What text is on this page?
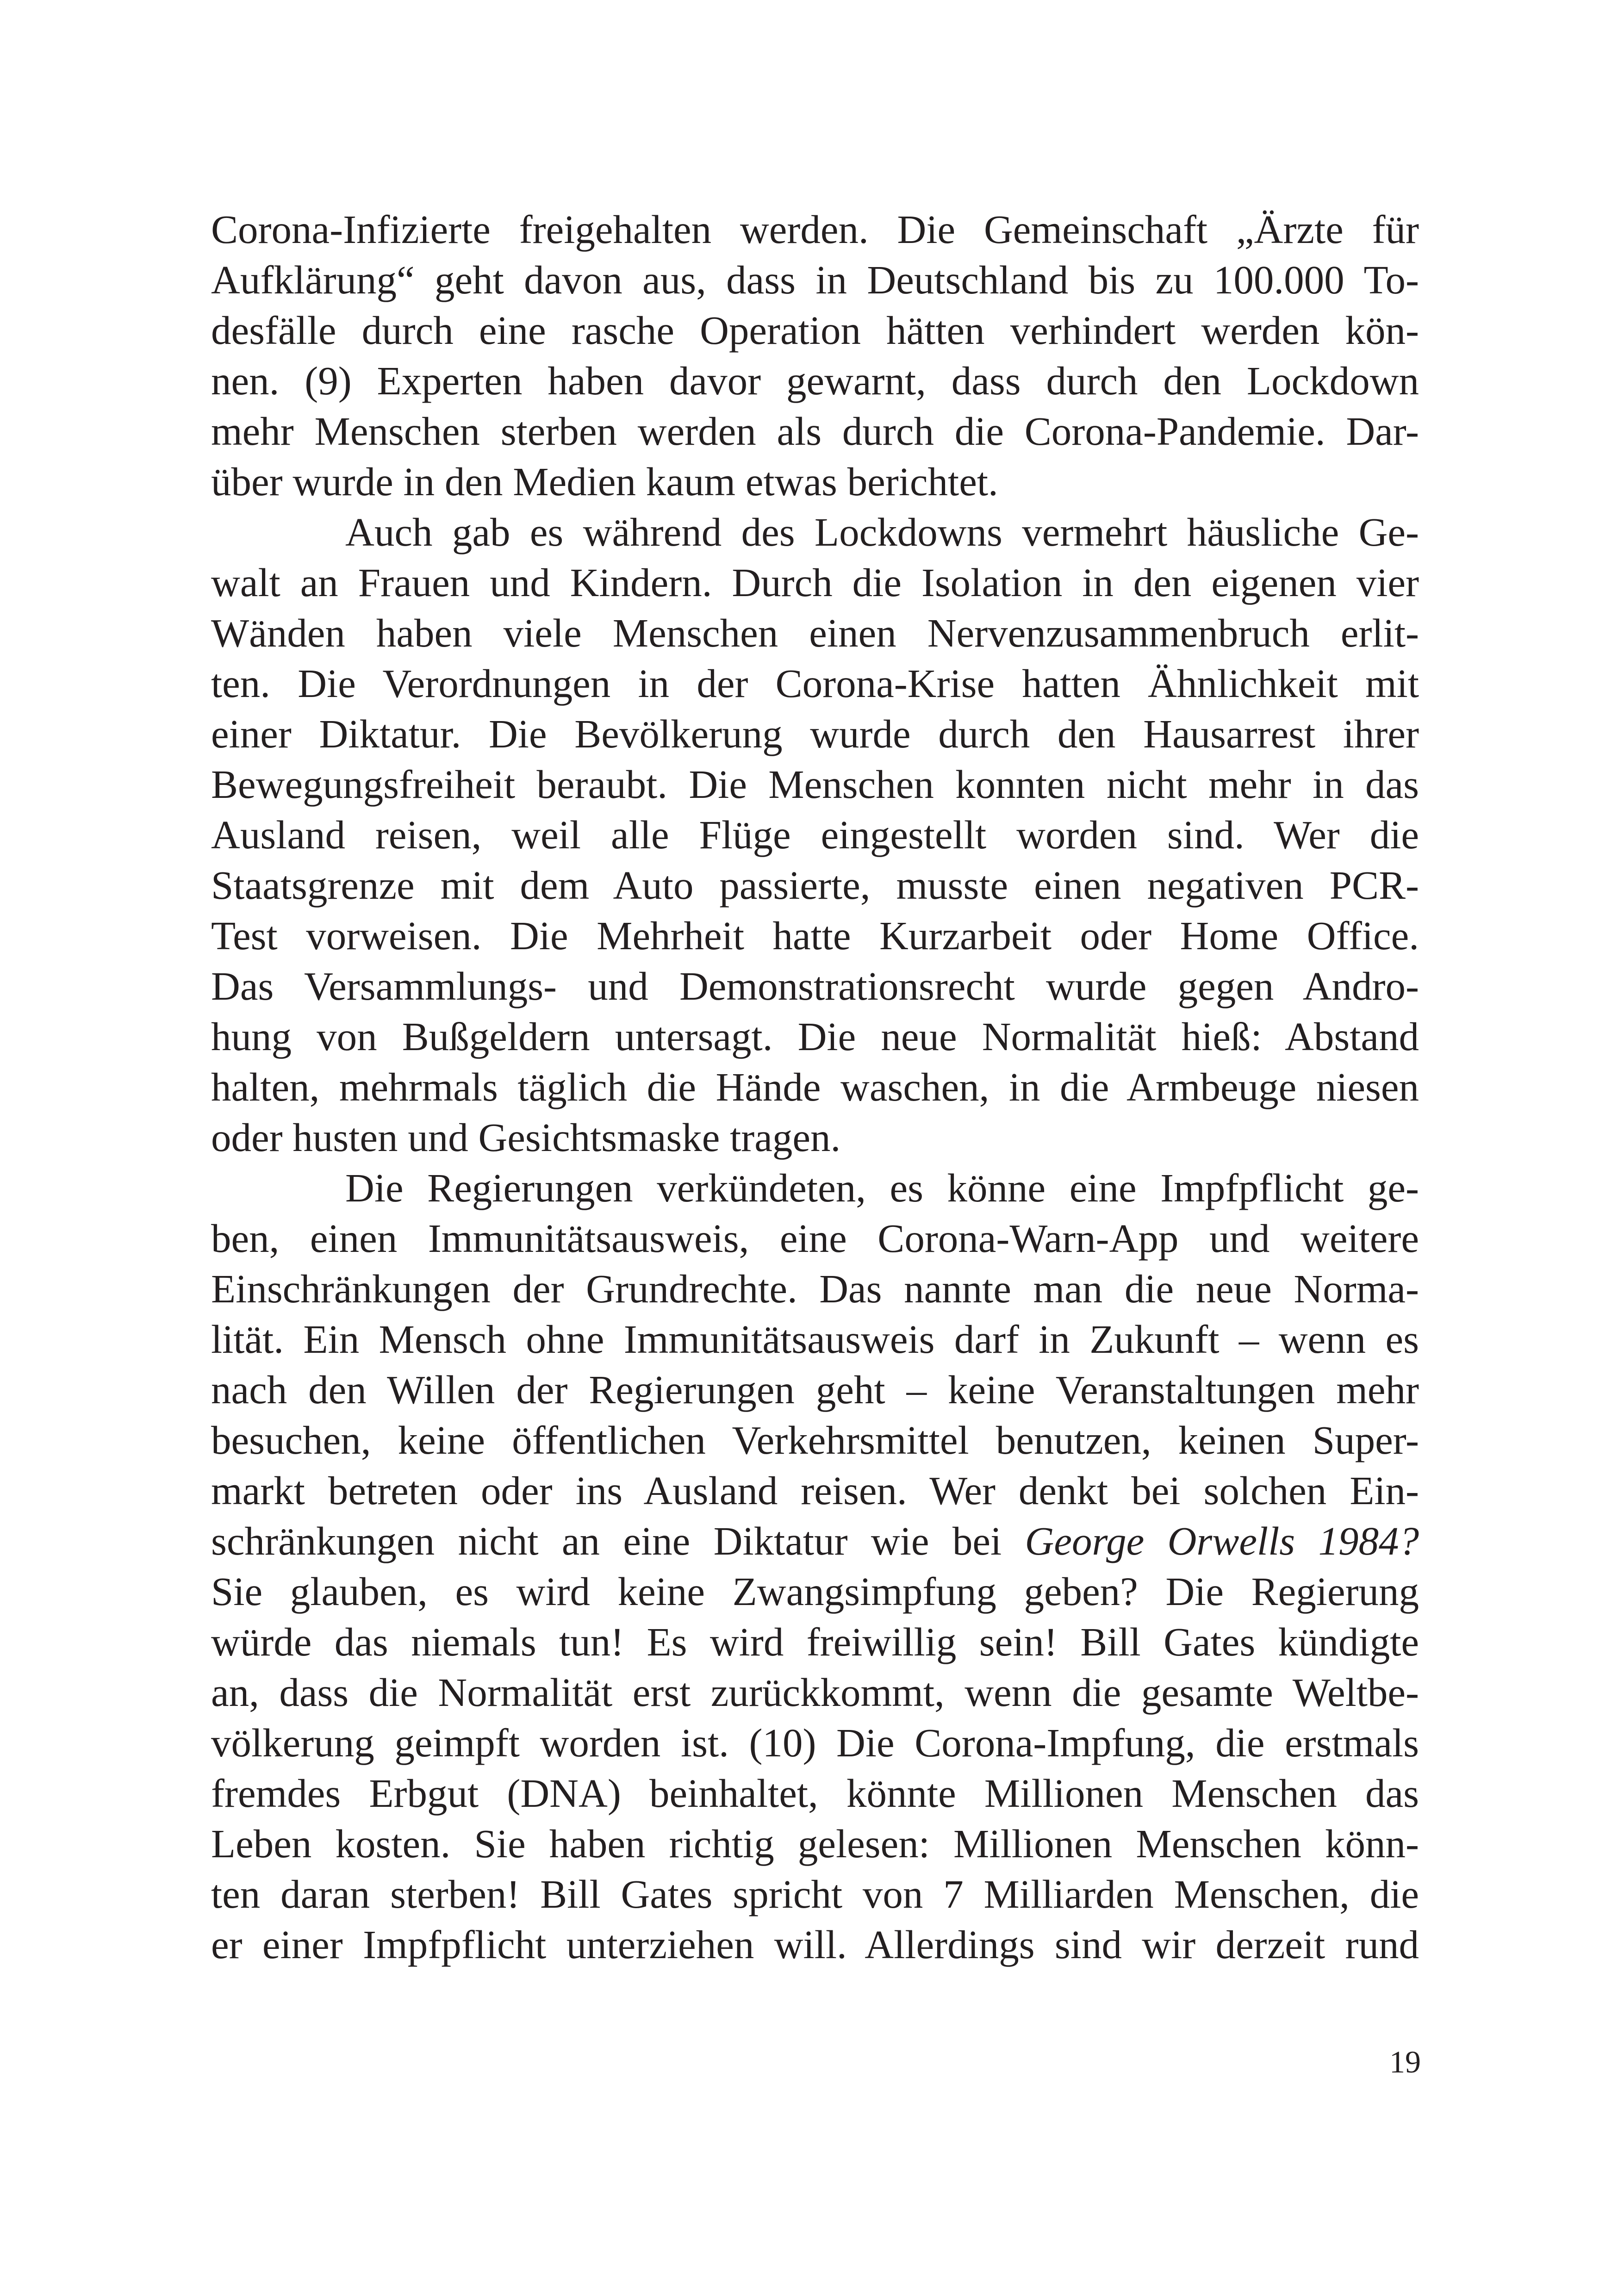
Corona-Infizierte freigehalten werden. Die Gemeinschaft „Ärzte für
Aufklärung“ geht davon aus, dass in Deutschland bis zu 100.000 To-
desfälle durch eine rasche Operation hätten verhindert werden kön-
nen. (9) Experten haben davor gewarnt, dass durch den Lockdown
mehr Menschen sterben werden als durch die Corona-Pandemie. Dar-
über wurde in den Medien kaum etwas berichtet.
Auch gab es während des Lockdowns vermehrt häusliche Ge-
walt an Frauen und Kindern. Durch die Isolation in den eigenen vier
Wänden haben viele Menschen einen Nervenzusammenbruch erlit-
ten. Die Verordnungen in der Corona-Krise hatten Ähnlichkeit mit
einer Diktatur. Die Bevölkerung wurde durch den Hausarrest ihrer
Bewegungsfreiheit beraubt. Die Menschen konnten nicht mehr in das
Ausland reisen, weil alle Flüge eingestellt worden sind. Wer die
Staatsgrenze mit dem Auto passierte, musste einen negativen PCR-
Test vorweisen. Die Mehrheit hatte Kurzarbeit oder Home Office.
Das Versammlungs- und Demonstrationsrecht wurde gegen Andro-
hung von Bußgeldern untersagt. Die neue Normalität hieß: Abstand
halten, mehrmals täglich die Hände waschen, in die Armbeuge niesen
oder husten und Gesichtsmaske tragen.
Die Regierungen verkündeten, es könne eine Impfpflicht ge-
ben, einen Immunitätsausweis, eine Corona-Warn-App und weitere
Einschränkungen der Grundrechte. Das nannte man die neue Norma-
lität. Ein Mensch ohne Immunitätsausweis darf in Zukunft – wenn es
nach den Willen der Regierungen geht – keine Veranstaltungen mehr
besuchen, keine öffentlichen Verkehrsmittel benutzen, keinen Super-
markt betreten oder ins Ausland reisen. Wer denkt bei solchen Ein-
schränkungen nicht an eine Diktatur wie bei George Orwells 1984?
Sie glauben, es wird keine Zwangsimpfung geben? Die Regierung
würde das niemals tun! Es wird freiwillig sein! Bill Gates kündigte
an, dass die Normalität erst zurückkommt, wenn die gesamte Weltbe-
völkerung geimpft worden ist. (10) Die Corona-Impfung, die erstmals
fremdes Erbgut (DNA) beinhaltet, könnte Millionen Menschen das
Leben kosten. Sie haben richtig gelesen: Millionen Menschen könn-
ten daran sterben! Bill Gates spricht von 7 Milliarden Menschen, die
er einer Impfpflicht unterziehen will. Allerdings sind wir derzeit rund
19
